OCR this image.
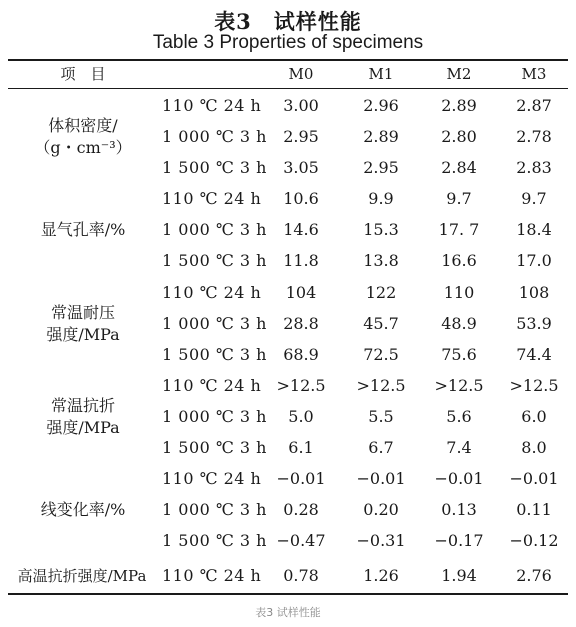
表3　试样性能
Table 3 Properties of specimens
项　目	M0	M1	M2	M3
体积密度/
（g・cm⁻³）
110 ℃ 24 h	3.00	2.96	2.89	2.87
1 000 ℃ 3 h	2.95	2.89	2.80	2.78
1 500 ℃ 3 h	3.05	2.95	2.84	2.83
显气孔率/%
110 ℃ 24 h	10.6	9.9	9.7	9.7
1 000 ℃ 3 h	14.6	15.3	17. 7	18.4
1 500 ℃ 3 h	11.8	13.8	16.6	17.0
常温耐压
强度/MPa
110 ℃ 24 h	104	122	110	108
1 000 ℃ 3 h	28.8	45.7	48.9	53.9
1 500 ℃ 3 h	68.9	72.5	75.6	74.4
常温抗折
强度/MPa
110 ℃ 24 h >12.5 >12.5 >12.5 >12.5
1 000 ℃ 3 h	5.0	5.5	5.6	6.0
1 500 ℃ 3 h	6.1	6.7	7.4	8.0
线变化率/%
110 ℃ 24 h −0.01 −0.01 −0.01 −0.01
1 000 ℃ 3 h	0.28	0.20	0.13	0.11
1 500 ℃ 3 h −0.47 −0.31 −0.17 −0.12
高温抗折强度/MPa 110 ℃ 24 h	0.78	1.26	1.94	2.76
表3 试样性能
